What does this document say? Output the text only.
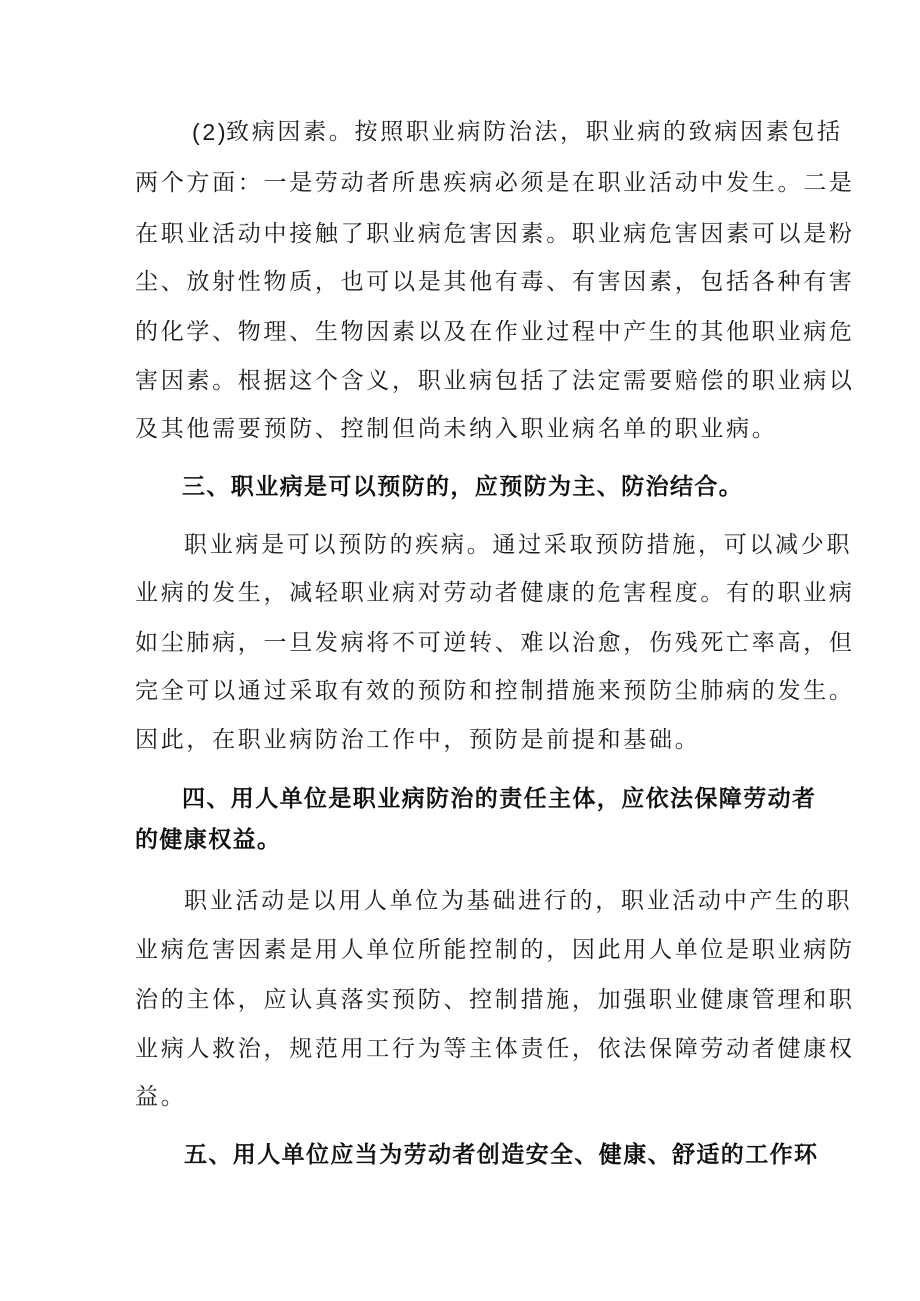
(2)
致病因素。按照职业病防治法，职业病的致病因素包括
两个方面：一是劳动者所患疾病必须是在职业活动中发生。二是
在职业活动中接触了职业病危害因素。职业病危害因素可以是粉
尘、放射性物质，也可以是其他有毒、有害因素，包括各种有害
的化学、物理、生物因素以及在作业过程中产生的其他职业病危
害因素。根据这个含义，职业病包括了法定需要赔偿的职业病以
及其他需要预防、控制但尚未纳入职业病名单的职业病。
三、职业病是可以预防的，应预防为主、防治结合。
职业病是可以预防的疾病。通过采取预防措施，可以减少职
业病的发生，减轻职业病对劳动者健康的危害程度。有的职业病
如尘肺病，一旦发病将不可逆转、难以治愈，伤残死亡率高，但
完全可以通过采取有效的预防和控制措施来预防尘肺病的发生。
因此，在职业病防治工作中，预防是前提和基础。
四、用人单位是职业病防治的责任主体，应依法保障劳动者
的健康权益。
职业活动是以用人单位为基础进行的，职业活动中产生的职
业病危害因素是用人单位所能控制的，因此用人单位是职业病防
治的主体，应认真落实预防、控制措施，加强职业健康管理和职
业病人救治，规范用工行为等主体责任，依法保障劳动者健康权
益。
五、用人单位应当为劳动者创造安全、健康、舒适的工作环
